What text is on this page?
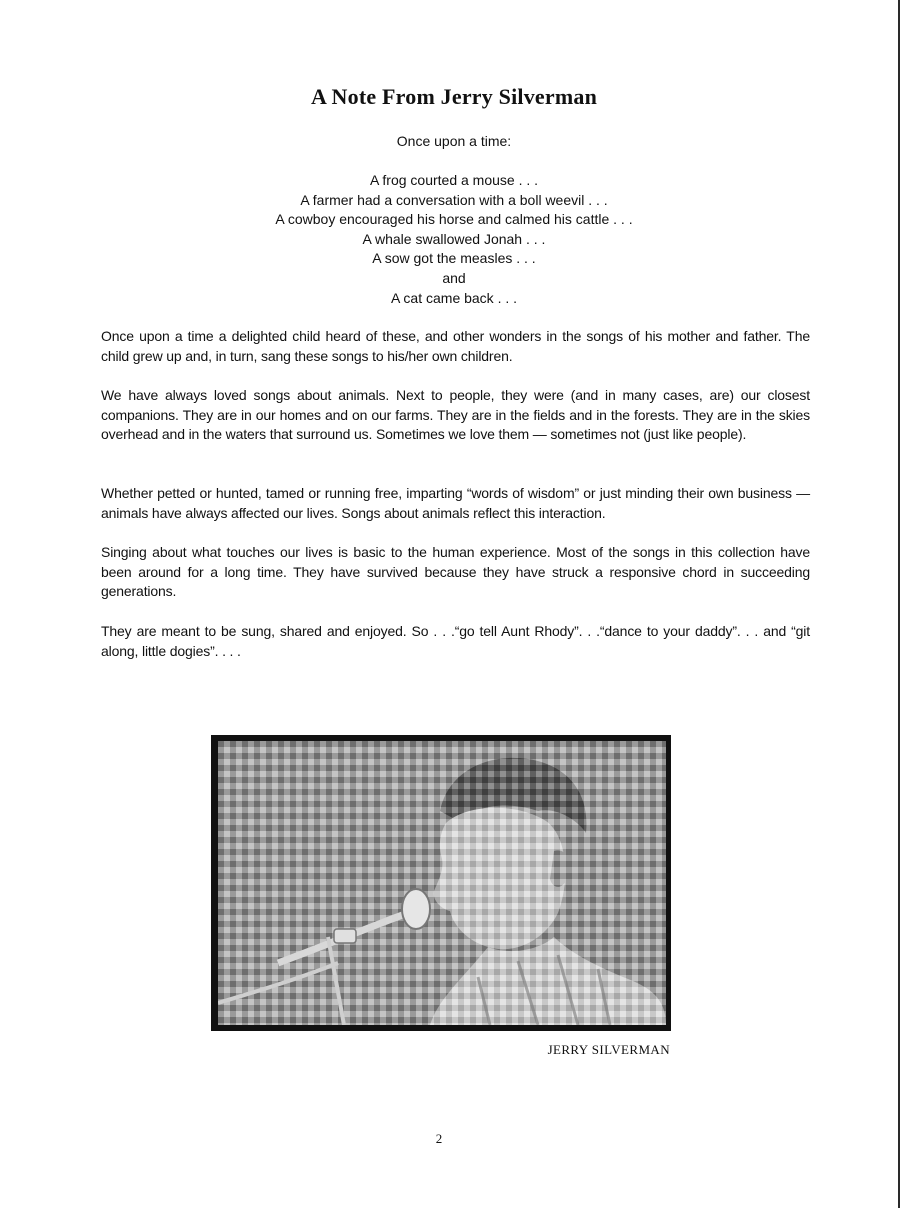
A Note From Jerry Silverman
Once upon a time:
A frog courted a mouse . . .
A farmer had a conversation with a boll weevil . . .
A cowboy encouraged his horse and calmed his cattle . . .
A whale swallowed Jonah . . .
A sow got the measles . . .
and
A cat came back . . .

Once upon a time a delighted child heard of these, and other wonders in the songs of his mother and father. The child grew up and, in turn, sang these songs to his/her own children.

We have always loved songs about animals. Next to people, they were (and in many cases, are) our closest companions. They are in our homes and on our farms. They are in the fields and in the forests. They are in the skies overhead and in the waters that surround us. Sometimes we love them — sometimes not (just like people).

Whether petted or hunted, tamed or running free, imparting “words of wisdom” or just minding their own business — animals have always affected our lives. Songs about animals reflect this interaction.

Singing about what touches our lives is basic to the human experience. Most of the songs in this collection have been around for a long time. They have survived because they have struck a responsive chord in succeeding generations.

They are meant to be sung, shared and enjoyed. So . . .“go tell Aunt Rhody”. . .“dance to your daddy”. . . and “git along, little dogies”. . . .

JERRY SILVERMAN
2
